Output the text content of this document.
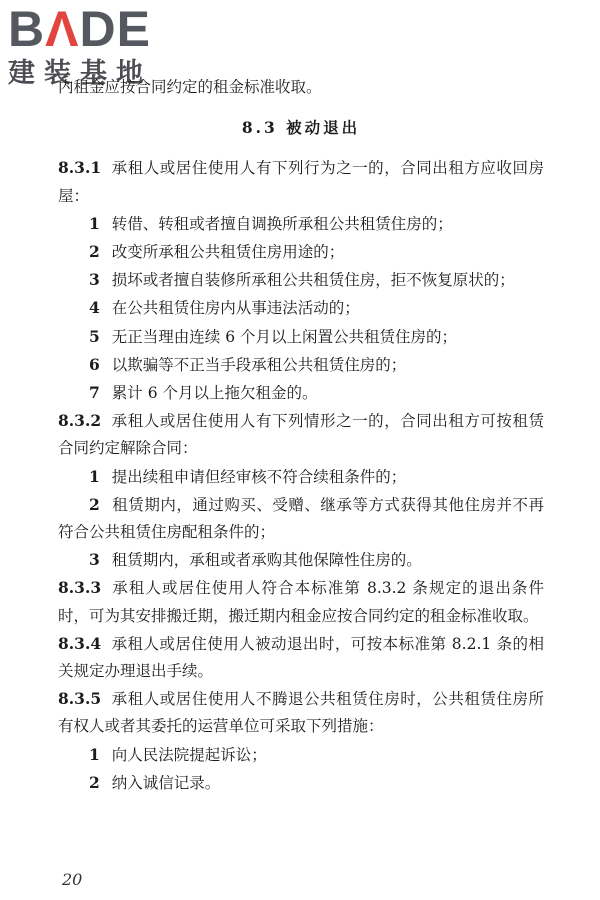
BΛDE
建装基地

内租金应按合同约定的租金标准收取。

8.3 被动退出

8.3.1 承租人或居住使用人有下列行为之一的，合同出租方应收回房屋：

1 转借、转租或者擅自调换所承租公共租赁住房的；

2 改变所承租公共租赁住房用途的；

3 损坏或者擅自装修所承租公共租赁住房，拒不恢复原状的；

4 在公共租赁住房内从事违法活动的；

5 无正当理由连续 6 个月以上闲置公共租赁住房的；

6 以欺骗等不正当手段承租公共租赁住房的；

7 累计 6 个月以上拖欠租金的。

8.3.2 承租人或居住使用人有下列情形之一的，合同出租方可按租赁合同约定解除合同：

1 提出续租申请但经审核不符合续租条件的；

2 租赁期内，通过购买、受赠、继承等方式获得其他住房并不再符合公共租赁住房配租条件的；

3 租赁期内，承租或者承购其他保障性住房的。

8.3.3 承租人或居住使用人符合本标准第 8.3.2 条规定的退出条件时，可为其安排搬迁期，搬迁期内租金应按合同约定的租金标准收取。

8.3.4 承租人或居住使用人被动退出时，可按本标准第 8.2.1 条的相关规定办理退出手续。

8.3.5 承租人或居住使用人不腾退公共租赁住房时，公共租赁住房所有权人或者其委托的运营单位可采取下列措施：

1 向人民法院提起诉讼；

2 纳入诚信记录。

20
